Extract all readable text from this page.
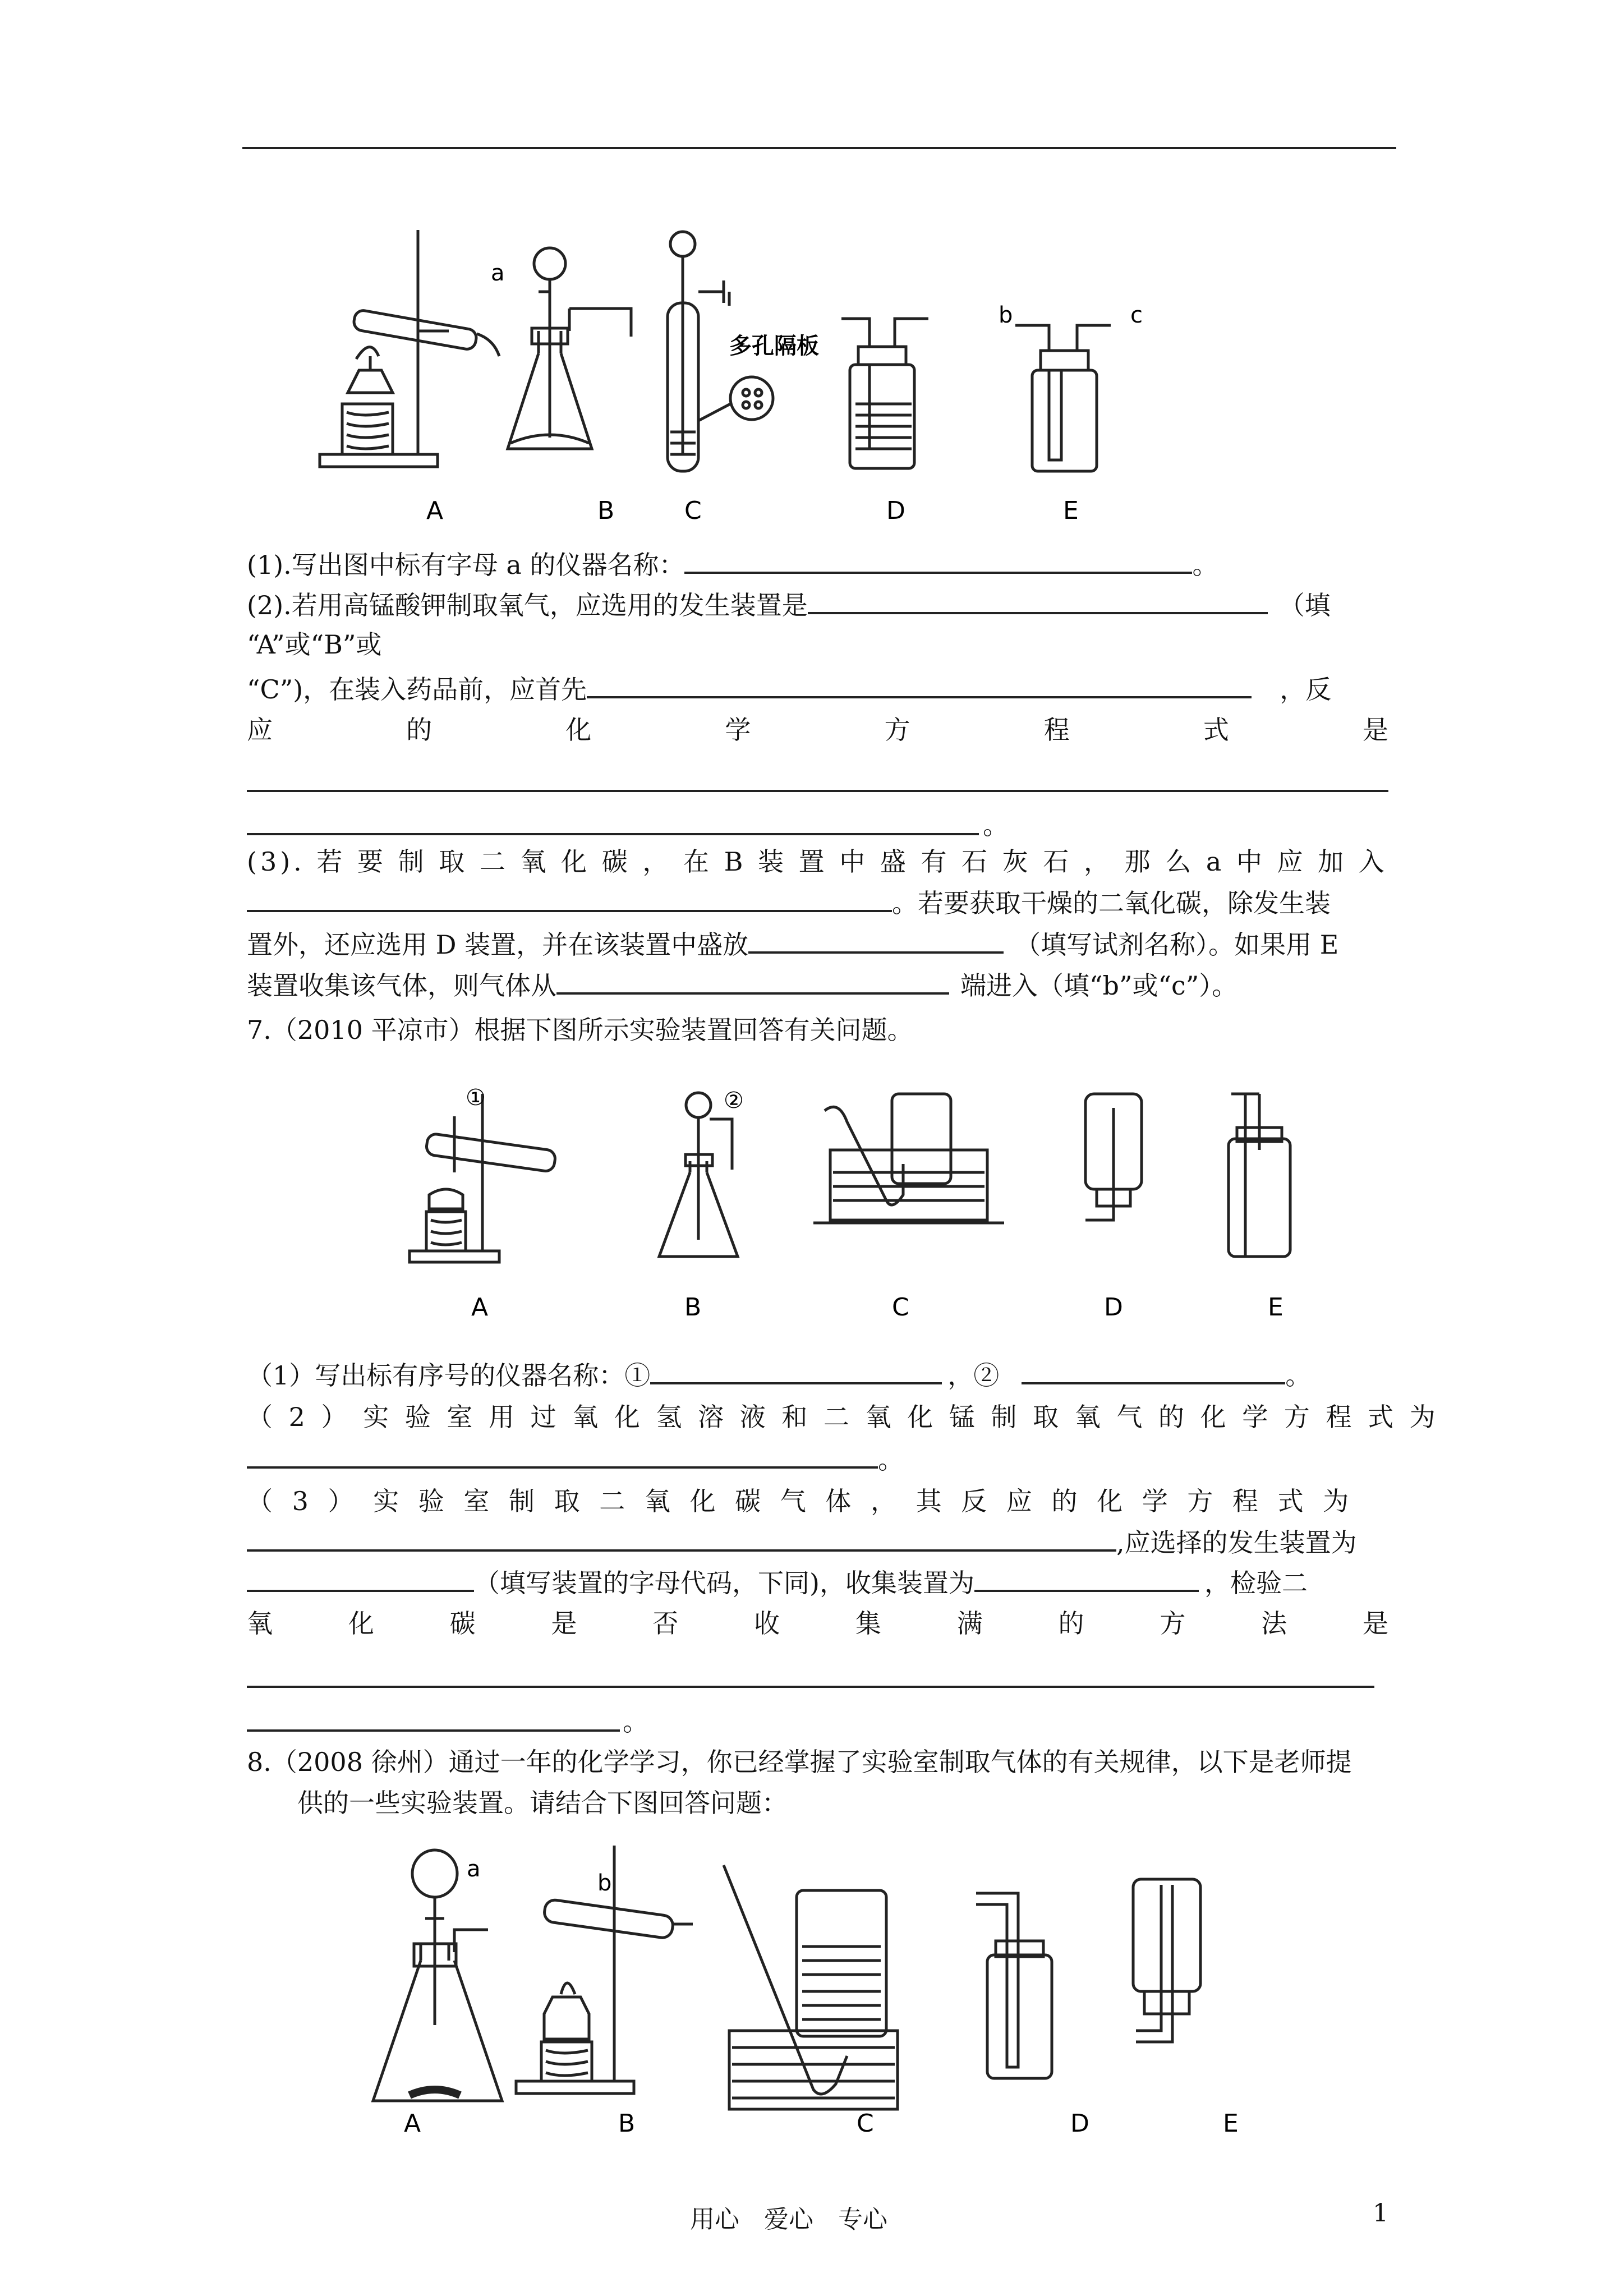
A	B	C	D	E
a
多孔隔板
b	c
(1).写出图中标有字母 a 的仪器名称：	。
(2).若用高锰酸钾制取氧气，应选用的发生装置是	（填
“A”或“B”或
“C”)，在装入药品前，应首先	，反
应	的	化	学	方	程	式	是
。
(3). 若 要 制 取 二 氧 化 碳 ， 在 B 装 置 中 盛 有 石 灰 石 ， 那 么 a 中 应 加 入
。若要获取干燥的二氧化碳，除发生装
置外，还应选用 D 装置，并在该装置中盛放	（填写试剂名称）。如果用 E
装置收集该气体，则气体从	端进入（填“b”或“c”）。
7.（2010 平凉市）根据下图所示实验装置回答有关问题。
①	②
A	B	C	D	E
（1）写出标有序号的仪器名称：①	，②	。
（ 2 ） 实 验 室 用 过 氧 化 氢 溶 液 和 二 氧 化 锰 制 取 氧 气 的 化 学 方 程 式 为
。
（ 3 ） 实 验 室 制 取 二 氧 化 碳 气 体 ， 其 反 应 的 化 学 方 程 式 为
,应选择的发生装置为
（填写装置的字母代码，下同)，收集装置为	，检验二
氧	化	碳	是	否	收	集	满	的	方	法	是
。
8.（2008 徐州）通过一年的化学学习，你已经掌握了实验室制取气体的有关规律，以下是老师提
供的一些实验装置。请结合下图回答问题：
a
b
A	B	C	D	E
用心　爱心　专心	1
